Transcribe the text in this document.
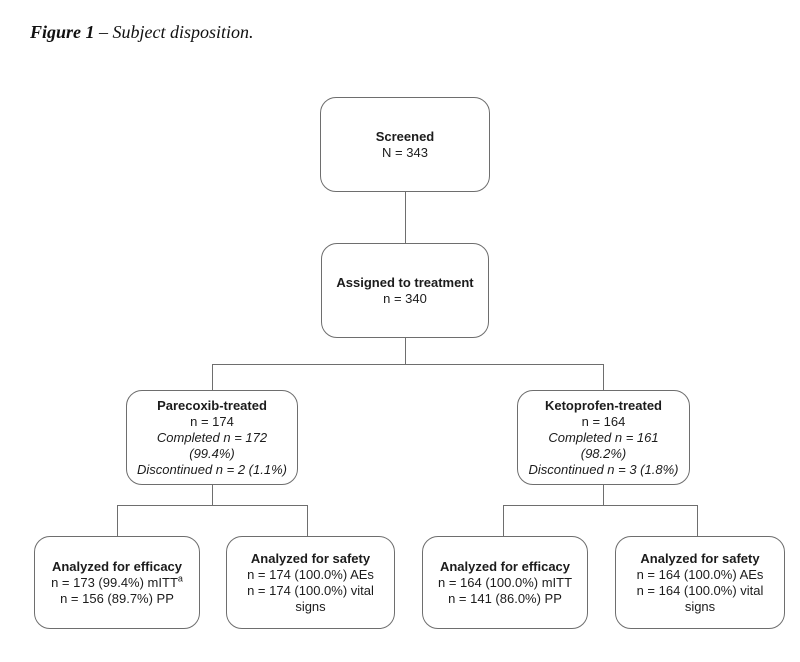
Figure 1 – Subject disposition.
Screened
N = 343
Assigned to treatment
n = 340
Parecoxib-treated
n = 174
Completed n = 172 (99.4%)
Discontinued n = 2 (1.1%)
Ketoprofen-treated
n = 164
Completed n = 161 (98.2%)
Discontinued n = 3 (1.8%)
Analyzed for efficacy
n = 173 (99.4%) mITT$^a$
n = 156 (89.7%) PP
Analyzed for safety
n = 174 (100.0%) AEs
n = 174 (100.0%) vital signs
Analyzed for efficacy
n = 164 (100.0%) mITT
n = 141 (86.0%) PP
Analyzed for safety
n = 164 (100.0%) AEs
n = 164 (100.0%) vital signs
